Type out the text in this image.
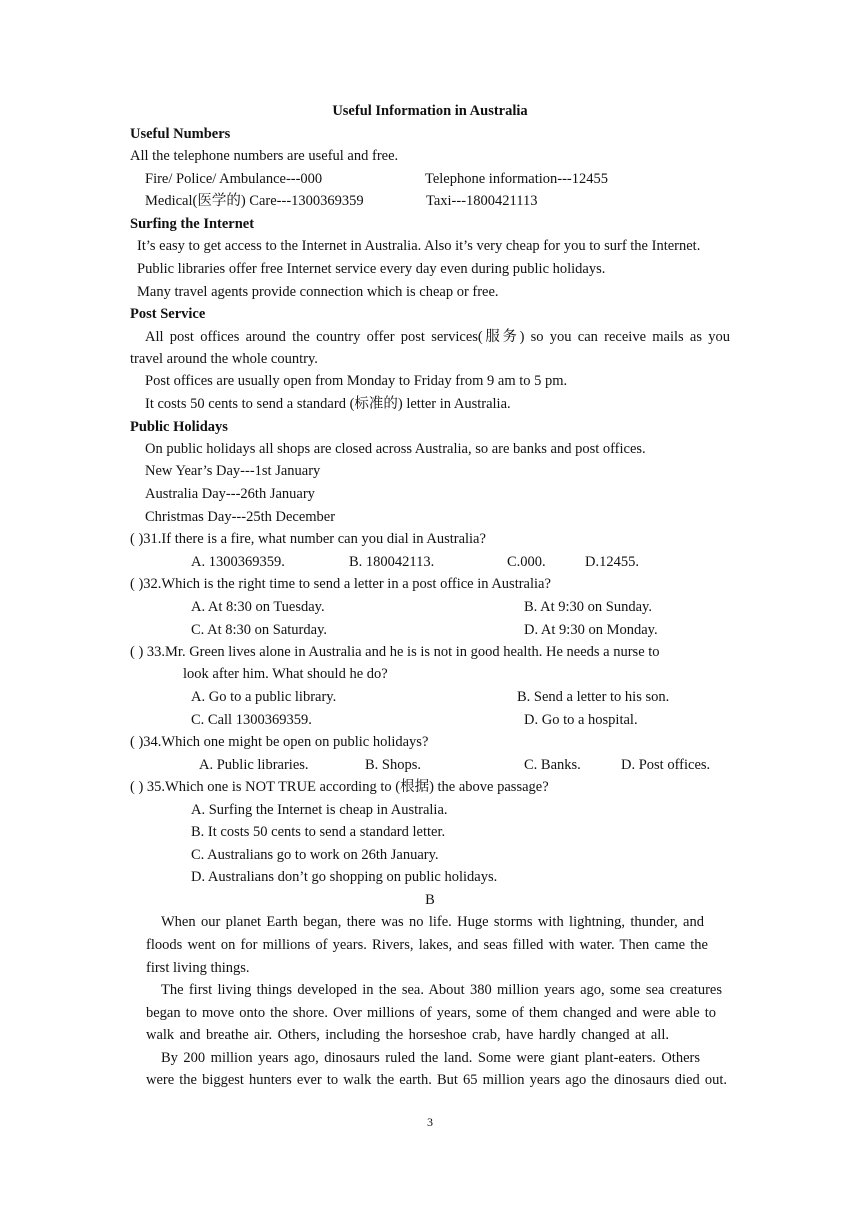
Useful Information in Australia
Useful Numbers
All the telephone numbers are useful and free.
Fire/ Police/ Ambulance---000	Telephone information---12455
Medical(医学的) Care---1300369359	Taxi---1800421113
Surfing the Internet
It’s easy to get access to the Internet in Australia. Also it’s very cheap for you to surf the Internet.
Public libraries offer free Internet service every day even during public holidays.
Many travel agents provide connection which is cheap or free.
Post Service
All post offices around the country offer post services(服务) so you can receive mails as you
travel around the whole country.
Post offices are usually open from Monday to Friday from 9 am to 5 pm.
It costs 50 cents to send a standard (标准的) letter in Australia.
Public Holidays
On public holidays all shops are closed across Australia, so are banks and post offices.
New Year’s Day---1st January
Australia Day---26th January
Christmas Day---25th December
( )31.If there is a fire, what number can you dial in Australia?
A. 1300369359.	B. 180042113.	C.000.	D.12455.
( )32.Which is the right time to send a letter in a post office in Australia?
A. At 8:30 on Tuesday.	B. At 9:30 on Sunday.
C. At 8:30 on Saturday.	D. At 9:30 on Monday.
( ) 33.Mr. Green lives alone in Australia and he is is not in good health. He needs a nurse to
look after him. What should he do?
A. Go to a public library.	B. Send a letter to his son.
C. Call 1300369359.	D. Go to a hospital.
( )34.Which one might be open on public holidays?
A. Public libraries.	B. Shops.	C. Banks.	D. Post offices.
( ) 35.Which one is NOT TRUE according to (根据) the above passage?
A. Surfing the Internet is cheap in Australia.
B. It costs 50 cents to send a standard letter.
C. Australians go to work on 26th January.
D. Australians don’t go shopping on public holidays.
B
When our planet Earth began, there was no life. Huge storms with lightning, thunder, and
floods went on for millions of years. Rivers, lakes, and seas filled with water. Then came the
first living things.
The first living things developed in the sea. About 380 million years ago, some sea creatures
began to move onto the shore. Over millions of years, some of them changed and were able to
walk and breathe air. Others, including the horseshoe crab, have hardly changed at all.
By 200 million years ago, dinosaurs ruled the land. Some were giant plant-eaters. Others
were the biggest hunters ever to walk the earth. But 65 million years ago the dinosaurs died out.
3
